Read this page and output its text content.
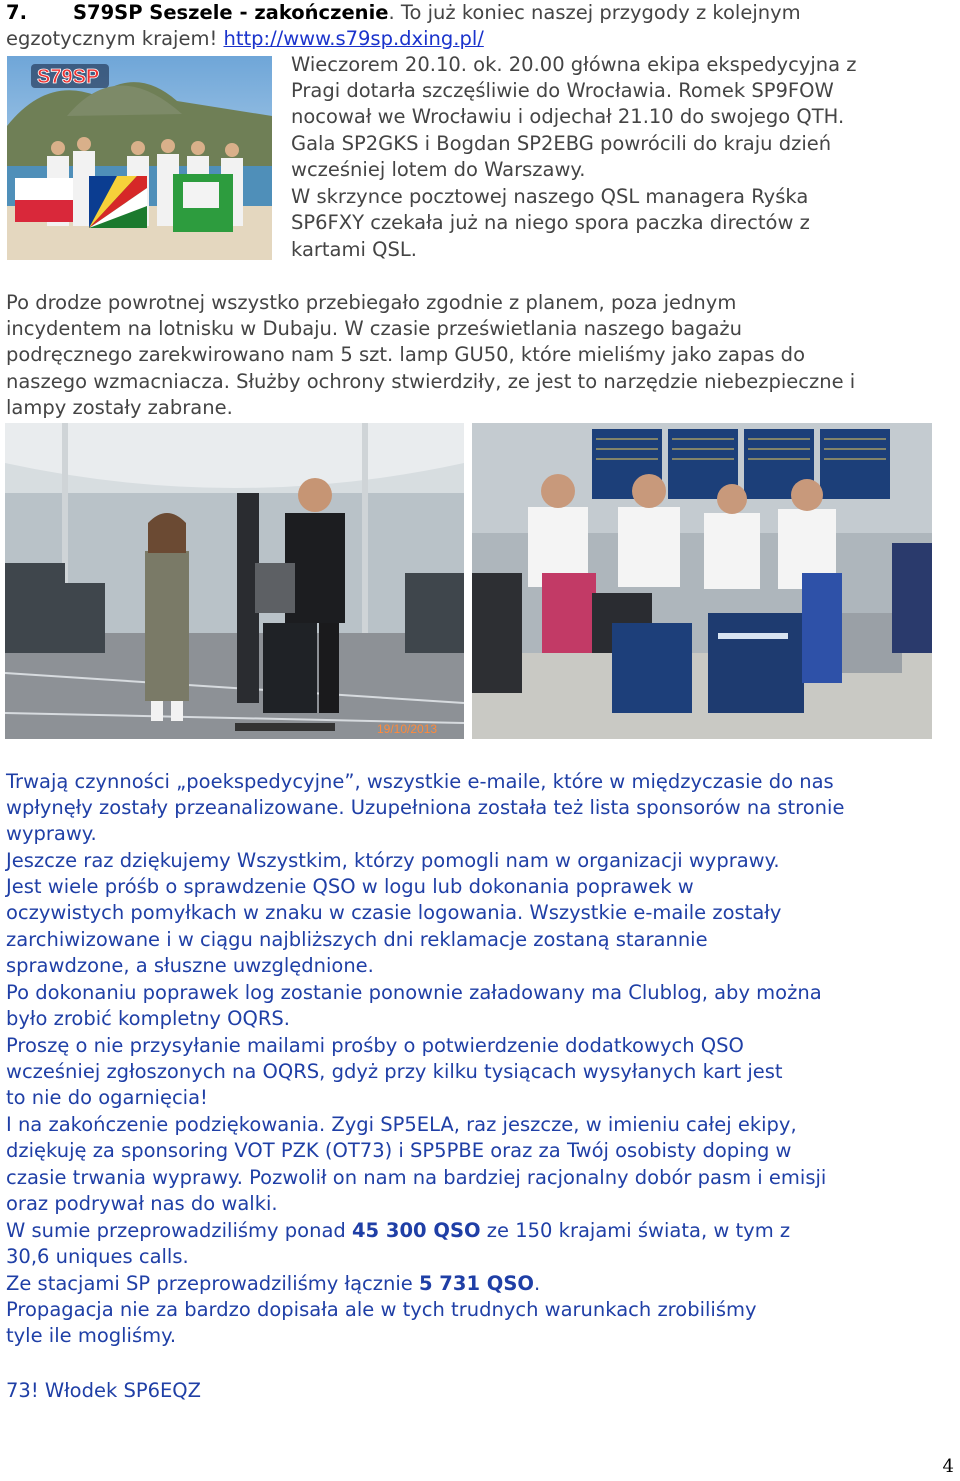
7. S79SP Seszele - zakończenie. To już koniec naszej przygody z kolejnym
egzotycznym krajem! http://www.s79sp.dxing.pl/
S79SP
Wieczorem 20.10. ok. 20.00 główna ekipa ekspedycyjna z
Pragi dotarła szczęśliwie do Wrocławia. Romek SP9FOW
nocował we Wrocławiu i odjechał 21.10 do swojego QTH.
Gala SP2GKS i Bogdan SP2EBG powrócili do kraju dzień
wcześniej lotem do Warszawy.
W skrzynce pocztowej naszego QSL managera Ryśka
SP6FXY czekała już na niego spora paczka directów z
kartami QSL.
Po drodze powrotnej wszystko przebiegało zgodnie z planem, poza jednym
incydentem na lotnisku w Dubaju. W czasie prześwietlania naszego bagażu
podręcznego zarekwirowano nam 5 szt. lamp GU50, które mieliśmy jako zapas do
naszego wzmacniacza. Służby ochrony stwierdziły, ze jest to narzędzie niebezpieczne i
lampy zostały zabrane.
19/10/2013
Trwają czynności „poekspedycyjne”, wszystkie e-maile, które w międzyczasie do nas
wpłynęły zostały przeanalizowane. Uzupełniona została też lista sponsorów na stronie
wyprawy.
Jeszcze raz dziękujemy Wszystkim, którzy pomogli nam w organizacji wyprawy.
Jest wiele próśb o sprawdzenie QSO w logu lub dokonania poprawek w
oczywistych pomyłkach w znaku w czasie logowania. Wszystkie e-maile zostały
zarchiwizowane i w ciągu najbliższych dni reklamacje zostaną starannie
sprawdzone, a słuszne uwzględnione.
Po dokonaniu poprawek log zostanie ponownie załadowany ma Clublog, aby można
było zrobić kompletny OQRS.
Proszę o nie przysyłanie mailami prośby o potwierdzenie dodatkowych QSO
wcześniej zgłoszonych na OQRS, gdyż przy kilku tysiącach wysyłanych kart jest
to nie do ogarnięcia!
I na zakończenie podziękowania. Zygi SP5ELA, raz jeszcze, w imieniu całej ekipy,
dziękuję za sponsoring VOT PZK (OT73) i SP5PBE oraz za Twój osobisty doping w
czasie trwania wyprawy. Pozwolił on nam na bardziej racjonalny dobór pasm i emisji
oraz podrywał nas do walki.
W sumie przeprowadziliśmy ponad 45 300 QSO ze 150 krajami świata, w tym z
30,6 uniques calls.
Ze stacjami SP przeprowadziliśmy łącznie 5 731 QSO.
Propagacja nie za bardzo dopisała ale w tych trudnych warunkach zrobiliśmy
tyle ile mogliśmy.
73! Włodek SP6EQZ
4
